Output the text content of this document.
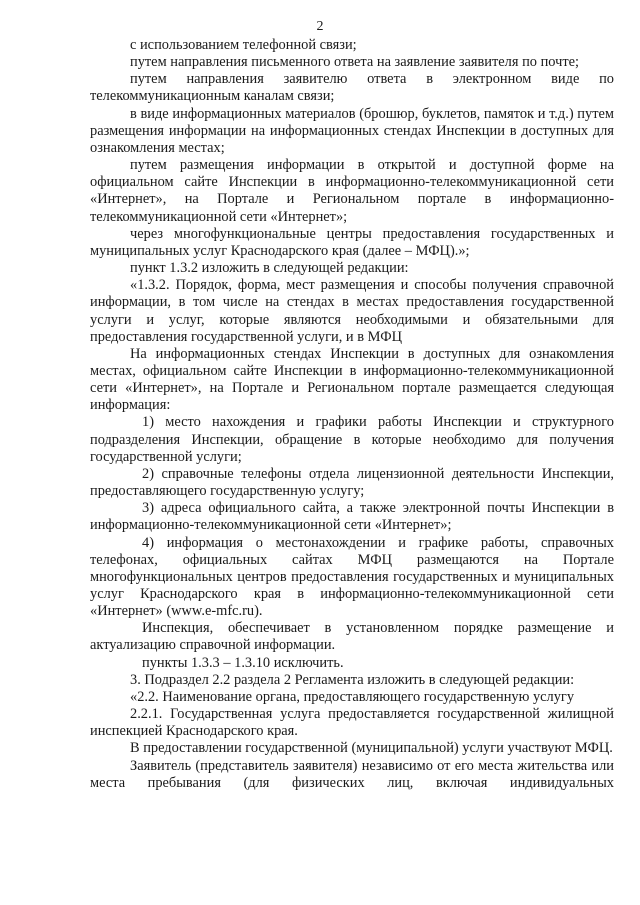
2

с использованием телефонной связи;

путем направления письменного ответа на заявление заявителя по почте;

путем направления заявителю ответа в электронном виде по телекоммуникационным каналам связи;

в виде информационных материалов (брошюр, буклетов, памяток и т.д.) путем размещения информации на информационных стендах Инспекции в доступных для ознакомления местах;

путем размещения информации в открытой и доступной форме на официальном сайте Инспекции в информационно-телекоммуникационной сети «Интернет», на Портале и Региональном портале в информационно-телекоммуникационной сети «Интернет»;

через многофункциональные центры предоставления государственных и муниципальных услуг Краснодарского края (далее – МФЦ).»;

пункт 1.3.2 изложить в следующей редакции:

«1.3.2. Порядок, форма, мест размещения и способы получения справочной информации, в том числе на стендах в местах предоставления государственной услуги и услуг, которые являются необходимыми и обязательными для предоставления государственной услуги, и в МФЦ

На информационных стендах Инспекции в доступных для ознакомления местах, официальном сайте Инспекции в информационно-телекоммуникационной сети «Интернет», на Портале и Региональном портале размещается следующая информация:

1) место нахождения и графики работы Инспекции и структурного подразделения Инспекции, обращение в которые необходимо для получения государственной услуги;

2) справочные телефоны отдела лицензионной деятельности Инспекции, предоставляющего государственную услугу;

3) адреса официального сайта, а также электронной почты Инспекции в информационно-телекоммуникационной сети «Интернет»;

4) информация о местонахождении и графике работы, справочных телефонах, официальных сайтах МФЦ размещаются на Портале многофункциональных центров предоставления государственных и муниципальных услуг Краснодарского края в информационно-телекоммуникационной сети «Интернет» (www.e-mfc.ru).

Инспекция, обеспечивает в установленном порядке размещение и актуализацию справочной информации.

пункты 1.3.3 – 1.3.10 исключить.

3. Подраздел 2.2 раздела 2 Регламента изложить в следующей редакции:

«2.2. Наименование органа, предоставляющего государственную услугу

2.2.1. Государственная услуга предоставляется государственной жилищной инспекцией Краснодарского края.

В предоставлении государственной (муниципальной) услуги участвуют МФЦ.

Заявитель (представитель заявителя) независимо от его места жительства или места пребывания (для физических лиц, включая индивидуальных
